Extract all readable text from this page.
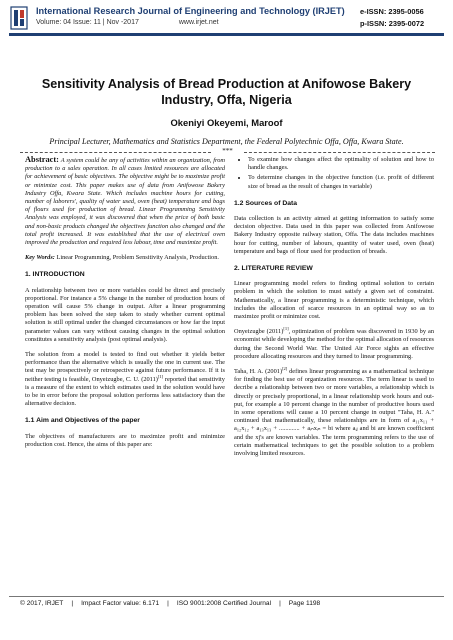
International Research Journal of Engineering and Technology (IRJET)
Volume: 04 Issue: 11 | Nov -2017	www.irjet.net
e-ISSN: 2395-0056
p-ISSN: 2395-0072
Sensitivity Analysis of Bread Production at Anifowose Bakery Industry, Offa, Nigeria
Okeniyi Okeyemi, Maroof
Principal Lecturer, Mathematics and Statistics Department, the Federal Polytechnic Offa, Offa, Kwara State.
***

Abstract: A system could be any of activities within an organization, from production to a sales operation. In all cases limited resources are allocated for achievement of basic objectives. The objective might be to maximize profit or minimize cost. This paper makes use of data from Anifowose Bakery Industry Offa, Kwara State. Which includes machine hours for cutting, number of laborers', quality of water used, oven (heat) temperature and bags of flours used for production of bread. Linear Programming Sensitivity Analysis was employed, it was discovered that when the price of both basic and non-basic products changed the objectives function also changed and the total profit increased. It was established that the use of electrical oven improved the production and required less labour, time and maximize profit.

Key Words: Linear Programming, Problem Sensitivity Analysis, Production.

1. INTRODUCTION

A relationship between two or more variables could be direct and precisely proportional. For instance a 5% change in the number of production hours of operation will cause 5% change in output. After a linear programming problem has been solved the step taken to study whether current optimal solution is still optimal under the changed circumstances or how far the input parameter values can vary without causing changes in the optimal solution constitutes a sensitivity analysis (post optimal analysis).

The solution from a model is tested to find out whether it yields better performance than the alternative which is usually the one in current use. The test may be prospectively or retrospective against future performance. If it is neither testing is feasible, Onyeizugbe, C. U. (2011)[1] reported that sensitivity is a measure of the extent to which estimates used in the solution would have to be in error before the proposal solution performs less satisfactory than the alternative decision.

1.1 Aim and Objectives of the paper

The objectives of manufacturers are to maximize profit and minimize production cost. Hence, the aims of this paper are:

• To examine how changes affect the optimality of solution and how to handle changes.
• To determine changes in the objective function (i.e. profit of different size of bread as the result of changes in variable)
1.2 Sources of Data

Data collection is an activity aimed at getting information to satisfy some decision objective. Data used in this paper was collected from Anifowose Bakery Industry opposite railway station, Offa. The data includes machines hour for cutting, number of labours, quantity of water used, oven (heat) temperature and bags of flour used for production of breads.

2. LITERATURE REVIEW

Linear programming model refers to finding optimal solution to certain problem in which the solution to must satisfy a given set of constraint. Mathematically, a linear programming is a deterministic technique, which includes the allocation of scarce resources in an optimal way so as to maximize profit or minimize cost.

Onyeizugbe (2011)[1], optimization of problem was discovered in 1930 by an economist while developing the method for the optimal allocation of resources during the Second World War. The United Air Force sights an effective procedure allocating resources and they turned to linear programming.

Taha, H. A. (2001)[2] defines linear programming as a mathematical technique for finding the best use of organization resources. The term linear is used to decribe a relationship between two or more variables, a relationship which is directly or precisely proportional, in a linear relationship work hours and out-put, for example a 10 percent change in the number of productive hours used in some operations will cause a 10 percent change in output "Taha, H. A." continued that mathematically, these relationships are in form of a₁₁x₁₁ + a₁₂x₁₂ + a₁₃x₁₃ + ............. + aᵢₙxᵢₙ = bi where aᵢⱼ and bi are known coefficient and the xj's are known variables. The term programming refers to the use of certain mathematical techniques to get the possible solution to a problem involving limited resources.

© 2017, IRJET | Impact Factor value: 6.171 | ISO 9001:2008 Certified Journal | Page 1198
